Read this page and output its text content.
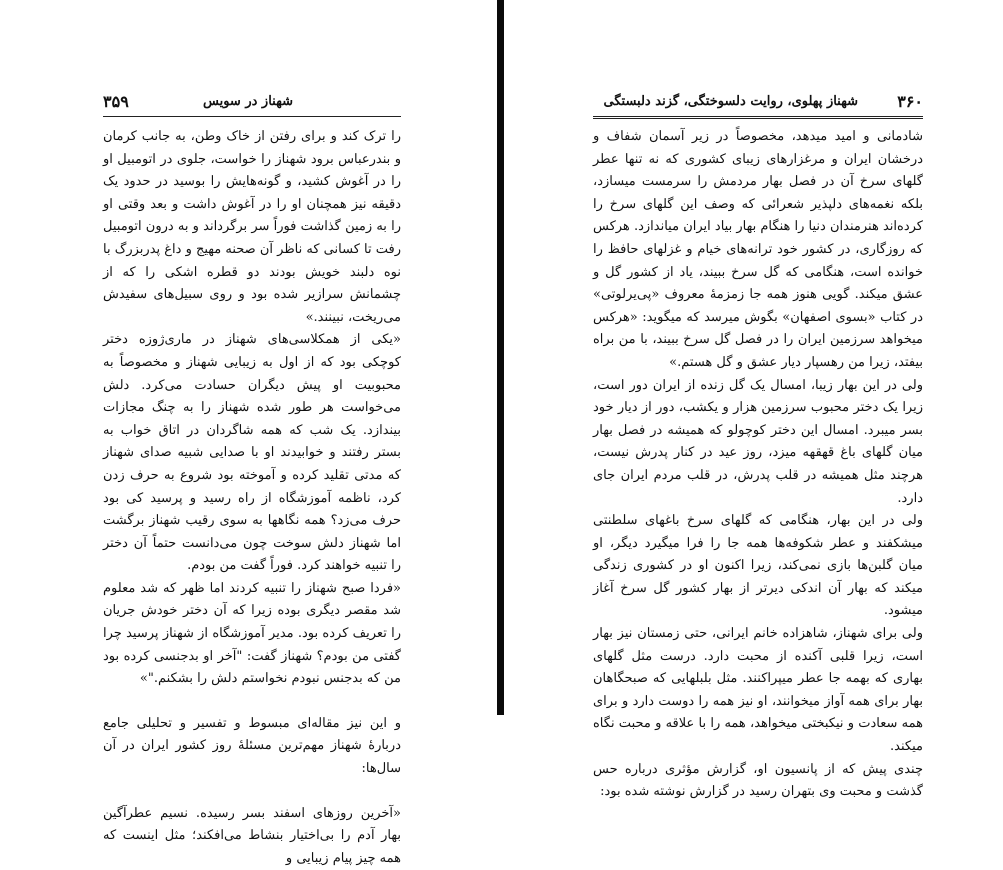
۳۵۹	شهناز در سویس

را ترک کند و برای رفتن از خاک وطن، به جانب کرمان و بندرعباس برود شهناز را خواست، جلوی در اتومبیل او را در آغوش کشید، و گونه‌هایش را بوسید در حدود یک دقیقه نیز همچنان او را در آغوش داشت و بعد وقتی او را به زمین گذاشت فوراً سر برگرداند و به درون اتومبیل رفت تا کسانی که ناظر آن صحنه مهیج و داغ پدربزرگ با نوه دلبند خویش بودند دو قطره اشکی را که از چشمانش سرازیر شده بود و روی سبیل‌های سفیدش می‌ریخت، نبینند.»

«یکی از همکلاسی‌های شهناز در ماری‌ژوزه دختر کوچکی بود که از اول به زیبایی شهناز و مخصوصاً به محبوبیت او پیش دیگران حسادت می‌کرد. دلش می‌خواست هر طور شده شهناز را به چنگ مجازات بیندازد. یک شب که همه شاگردان در اتاق خواب به بستر رفتند و خوابیدند او با صدایی شبیه صدای شهناز که مدتی تقلید کرده و آموخته بود شروع به حرف زدن کرد، ناظمه آموزشگاه از راه رسید و پرسید کی بود حرف می‌زد؟ همه نگاهها به سوی رقیب شهناز برگشت اما شهناز دلش سوخت چون می‌دانست حتماً آن دختر را تنبیه خواهند کرد. فوراً گفت من بودم.

«فردا صبح شهناز را تنبیه کردند اما ظهر که شد معلوم شد مقصر دیگری بوده زیرا که آن دختر خودش جریان را تعریف کرده بود. مدیر آموزشگاه از شهناز پرسید چرا گفتی من بودم؟ شهناز گفت: "آخر او بدجنسی کرده بود من که بدجنس نبودم نخواستم دلش را بشکنم."»

و این نیز مقاله‌ای مبسوط و تفسیر و تحلیلی جامع دربارهٔ شهناز مهم‌ترین مسئلهٔ روز کشور ایران در آن سال‌ها:

«آخرین روزهای اسفند بسر رسیده. نسیم عطرآگین بهار آدم را بی‌اختیار بنشاط می‌افکند؛ مثل اینست که همه چیز پیام زیبایی و

۳۶۰
شهناز پهلوی، روایت دلسوختگی، گزند دلبستگی

شادمانی و امید میدهد، مخصوصاً در زیر آسمان شفاف و درخشان ایران و مرغزارهای زیبای کشوری که نه تنها عطر گلهای سرخ آن در فصل بهار مردمش را سرمست میسازد، بلکه نغمه‌های دلپذیر شعرائی که وصف این گلهای سرخ را کرده‌اند هنرمندان دنیا را هنگام بهار بیاد ایران میاندازد. هرکس که روزگاری، در کشور خود ترانه‌های خیام و غزلهای حافظ را خوانده است، هنگامی که گل سرخ ببیند، یاد از کشور گل و عشق میکند. گویی هنوز همه جا زمزمهٔ معروف «پی‌یرلوتی» در کتاب «بسوی اصفهان» بگوش میرسد که میگوید: «هرکس میخواهد سرزمین ایران را در فصل گل سرخ ببیند، با من براه بیفتد، زیرا من رهسپار دیار عشق و گل هستم.»

ولی در این بهار زیبا، امسال یک گل زنده از ایران دور است، زیرا یک دختر محبوب سرزمین هزار و یکشب، دور از دیار خود بسر میبرد. امسال این دختر کوچولو که همیشه در فصل بهار میان گلهای باغ قهقهه میزد، روز عید در کنار پدرش نیست، هرچند مثل همیشه در قلب پدرش، در قلب مردم ایران جای دارد.

ولی در این بهار، هنگامی که گلهای سرخ باغهای سلطنتی میشکفند و عطر شکوفه‌ها همه جا را فرا میگیرد دیگر، او میان گلبن‌ها بازی نمی‌کند، زیرا اکنون او در کشوری زندگی میکند که بهار آن اندکی دیرتر از بهار کشور گل سرخ آغاز میشود.

ولی برای شهناز، شاهزاده خانم ایرانی، حتی زمستان نیز بهار است، زیرا قلبی آکنده از محبت دارد. درست مثل گلهای بهاری که بهمه جا عطر میپراکنند. مثل بلبلهایی که صبحگاهان بهار برای همه آواز میخوانند، او نیز همه را دوست دارد و برای همه سعادت و نیکبختی میخواهد، همه را با علاقه و محبت نگاه میکند.

چندی پیش که از پانسیون او، گزارش مؤثری درباره حس گذشت و محبت وی بتهران رسید در گزارش نوشته شده بود:
